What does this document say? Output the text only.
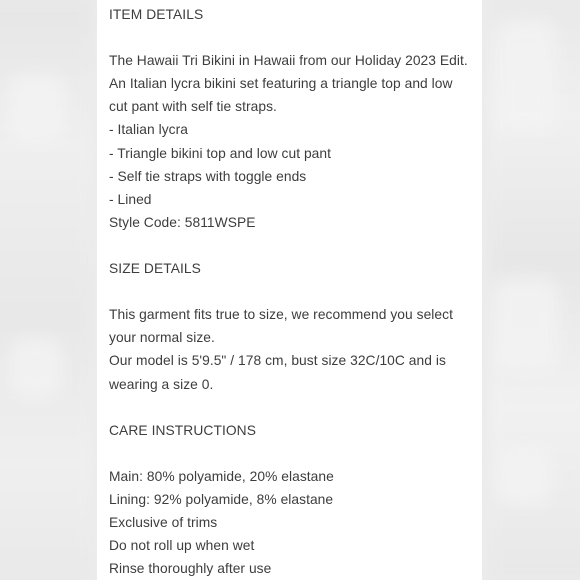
ITEM DETAILS
The Hawaii Tri Bikini in Hawaii from our Holiday 2023 Edit.
An Italian lycra bikini set featuring a triangle top and low
cut pant with self tie straps.
- Italian lycra
- Triangle bikini top and low cut pant
- Self tie straps with toggle ends
- Lined
Style Code: 5811WSPE
SIZE DETAILS
This garment fits true to size, we recommend you select
your normal size.
Our model is 5'9.5" / 178 cm, bust size 32C/10C and is
wearing a size 0.
CARE INSTRUCTIONS
Main: 80% polyamide, 20% elastane
Lining: 92% polyamide, 8% elastane
Exclusive of trims
Do not roll up when wet
Rinse thoroughly after use
